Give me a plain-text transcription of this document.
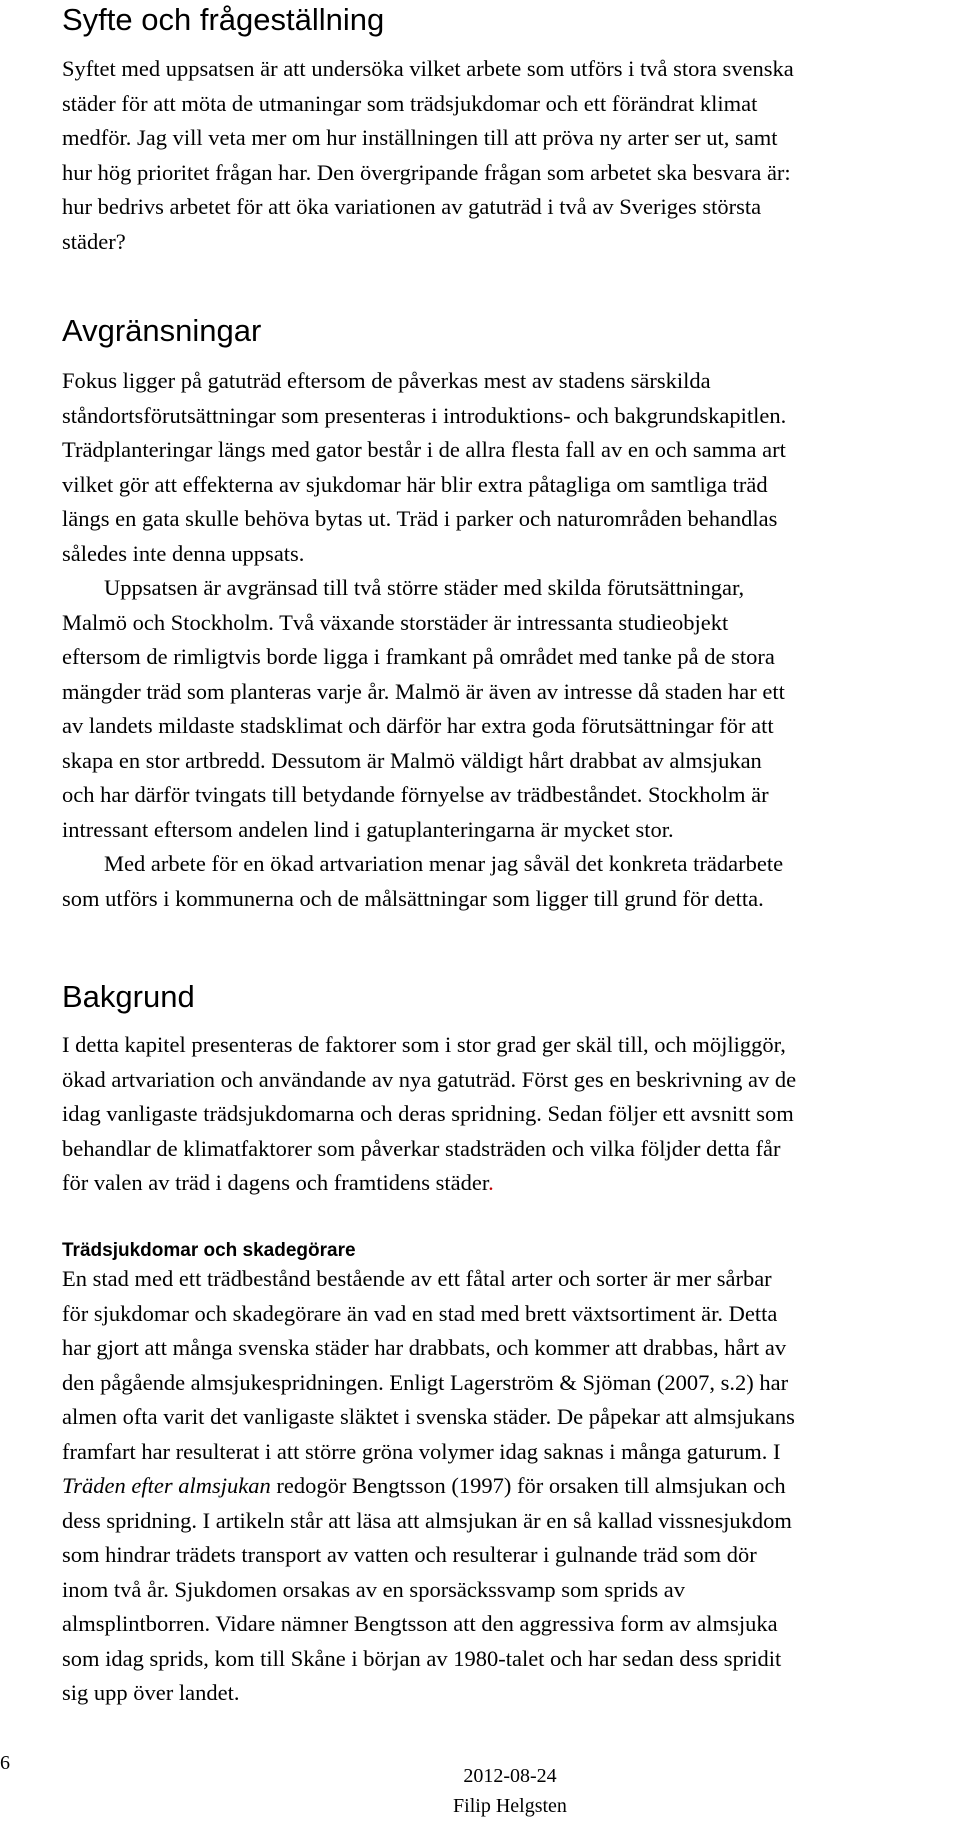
Syfte och frågeställning

Syftet med uppsatsen är att undersöka vilket arbete som utförs i två stora svenska
städer för att möta de utmaningar som trädsjukdomar och ett förändrat klimat
medför. Jag vill veta mer om hur inställningen till att pröva ny arter ser ut, samt
hur hög prioritet frågan har. Den övergripande frågan som arbetet ska besvara är:
hur bedrivs arbetet för att öka variationen av gatuträd i två av Sveriges största
städer?

Avgränsningar

Fokus ligger på gatuträd eftersom de påverkas mest av stadens särskilda
ståndortsförutsättningar som presenteras i introduktions- och bakgrundskapitlen.
Trädplanteringar längs med gator består i de allra flesta fall av en och samma art
vilket gör att effekterna av sjukdomar här blir extra påtagliga om samtliga träd
längs en gata skulle behöva bytas ut. Träd i parker och naturområden behandlas
således inte denna uppsats.

Uppsatsen är avgränsad till två större städer med skilda förutsättningar,
Malmö och Stockholm. Två växande storstäder är intressanta studieobjekt
eftersom de rimligtvis borde ligga i framkant på området med tanke på de stora
mängder träd som planteras varje år. Malmö är även av intresse då staden har ett
av landets mildaste stadsklimat och därför har extra goda förutsättningar för att
skapa en stor artbredd. Dessutom är Malmö väldigt hårt drabbat av almsjukan
och har därför tvingats till betydande förnyelse av trädbeståndet. Stockholm är
intressant eftersom andelen lind i gatuplanteringarna är mycket stor.

Med arbete för en ökad artvariation menar jag såväl det konkreta trädarbete
som utförs i kommunerna och de målsättningar som ligger till grund för detta.

Bakgrund

I detta kapitel presenteras de faktorer som i stor grad ger skäl till, och möjliggör,
ökad artvariation och användande av nya gatuträd. Först ges en beskrivning av de
idag vanligaste trädsjukdomarna och deras spridning. Sedan följer ett avsnitt som
behandlar de klimatfaktorer som påverkar stadsträden och vilka följder detta får
för valen av träd i dagens och framtidens städer.

Trädsjukdomar och skadegörare

En stad med ett trädbestånd bestående av ett fåtal arter och sorter är mer sårbar
för sjukdomar och skadegörare än vad en stad med brett växtsortiment är. Detta
har gjort att många svenska städer har drabbats, och kommer att drabbas, hårt av
den pågående almsjukespridningen. Enligt Lagerström & Sjöman (2007, s.2) har
almen ofta varit det vanligaste släktet i svenska städer. De påpekar att almsjukans
framfart har resulterat i att större gröna volymer idag saknas i många gaturum. I
Träden efter almsjukan redogör Bengtsson (1997) för orsaken till almsjukan och
dess spridning. I artikeln står att läsa att almsjukan är en så kallad vissnesjukdom
som hindrar trädets transport av vatten och resulterar i gulnande träd som dör
inom två år. Sjukdomen orsakas av en sporsäckssvamp som sprids av
almsplintborren. Vidare nämner Bengtsson att den aggressiva form av almsjuka
som idag sprids, kom till Skåne i början av 1980-talet och har sedan dess spridit
sig upp över landet.

6
2012-08-24
Filip Helgsten
